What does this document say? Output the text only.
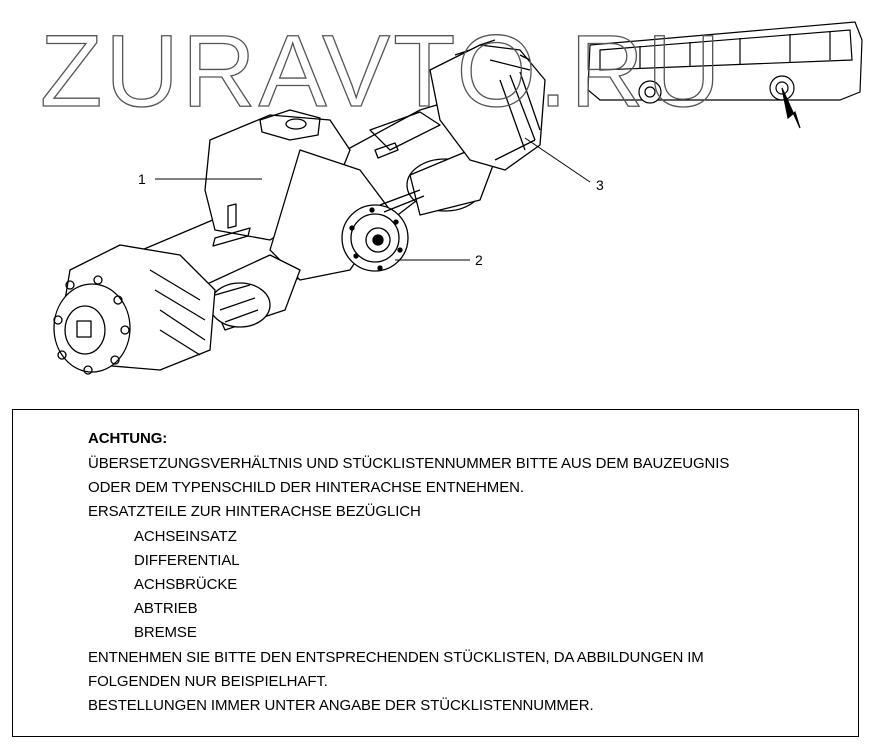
ZURAVTO.RU
1
2
3
ACHTUNG:
ÜBERSETZUNGSVERHÄLTNIS UND STÜCKLISTENNUMMER BITTE AUS DEM BAUZEUGNIS
ODER DEM TYPENSCHILD DER HINTERACHSE ENTNEHMEN.
ERSATZTEILE ZUR HINTERACHSE BEZÜGLICH
ACHSEINSATZ
DIFFERENTIAL
ACHSBRÜCKE
ABTRIEB
BREMSE
ENTNEHMEN SIE BITTE DEN ENTSPRECHENDEN STÜCKLISTEN, DA ABBILDUNGEN IM
FOLGENDEN NUR BEISPIELHAFT.
BESTELLUNGEN IMMER UNTER ANGABE DER STÜCKLISTENNUMMER.
